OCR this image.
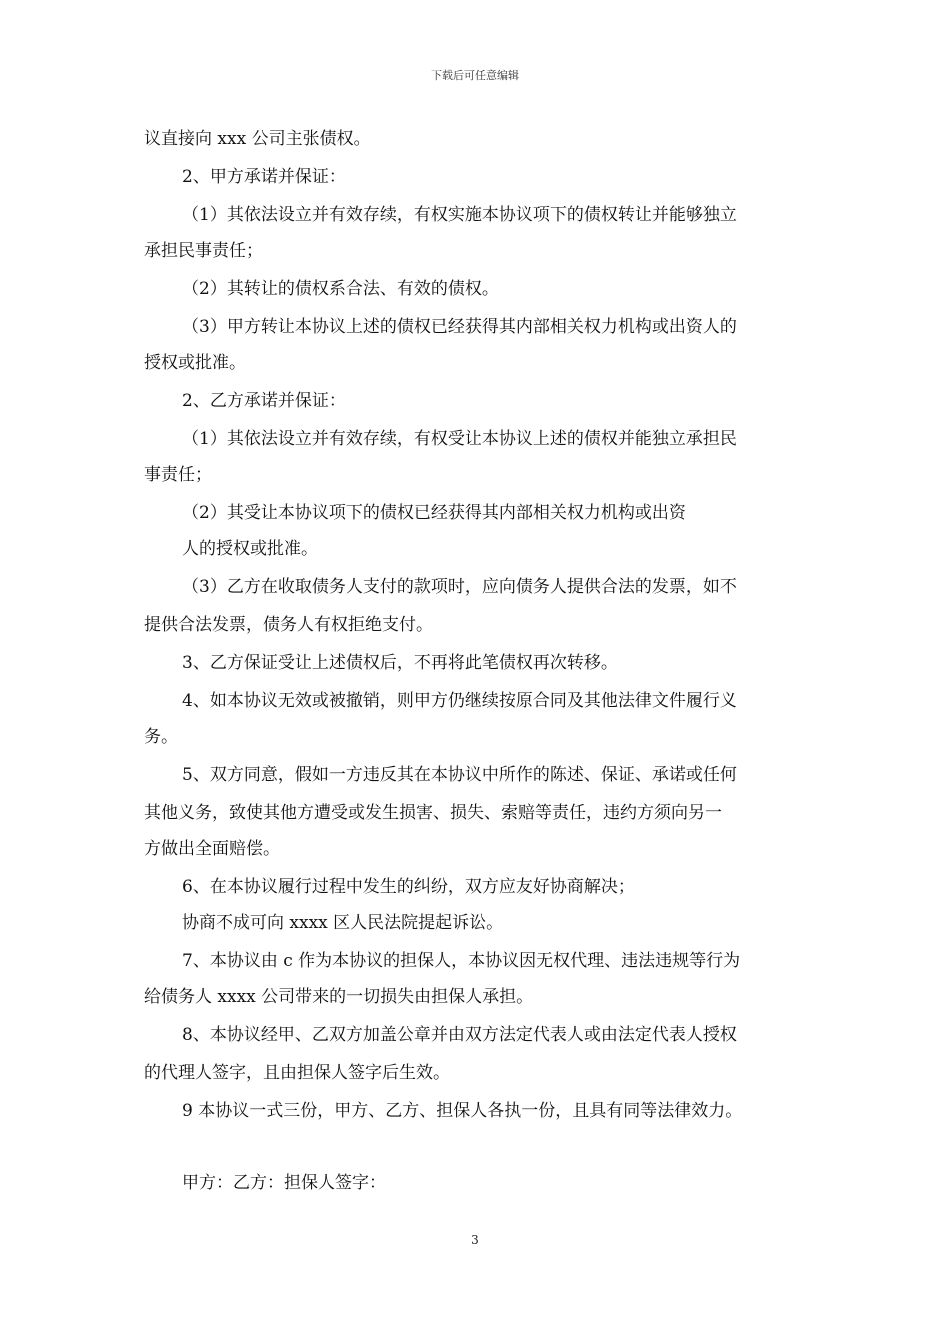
下载后可任意编辑
议直接向 xxx 公司主张债权。
2、甲方承诺并保证：
（1）其依法设立并有效存续，有权实施本协议项下的债权转让并能够独立
承担民事责任；
（2）其转让的债权系合法、有效的债权。
（3）甲方转让本协议上述的债权已经获得其内部相关权力机构或出资人的
授权或批准。
2、乙方承诺并保证：
（1）其依法设立并有效存续，有权受让本协议上述的债权并能独立承担民
事责任；
（2）其受让本协议项下的债权已经获得其内部相关权力机构或出资
人的授权或批准。
（3）乙方在收取债务人支付的款项时，应向债务人提供合法的发票，如不
提供合法发票，债务人有权拒绝支付。
3、乙方保证受让上述债权后，不再将此笔债权再次转移。
4、如本协议无效或被撤销，则甲方仍继续按原合同及其他法律文件履行义
务。
5、双方同意，假如一方违反其在本协议中所作的陈述、保证、承诺或任何
其他义务，致使其他方遭受或发生损害、损失、索赔等责任，违约方须向另一
方做出全面赔偿。
6、在本协议履行过程中发生的纠纷，双方应友好协商解决；
协商不成可向 xxxx 区人民法院提起诉讼。
7、本协议由 c 作为本协议的担保人，本协议因无权代理、违法违规等行为
给债务人 xxxx 公司带来的一切损失由担保人承担。
8、本协议经甲、乙双方加盖公章并由双方法定代表人或由法定代表人授权
的代理人签字，且由担保人签字后生效。
9 本协议一式三份，甲方、乙方、担保人各执一份，且具有同等法律效力。
甲方：乙方：担保人签字：
3
